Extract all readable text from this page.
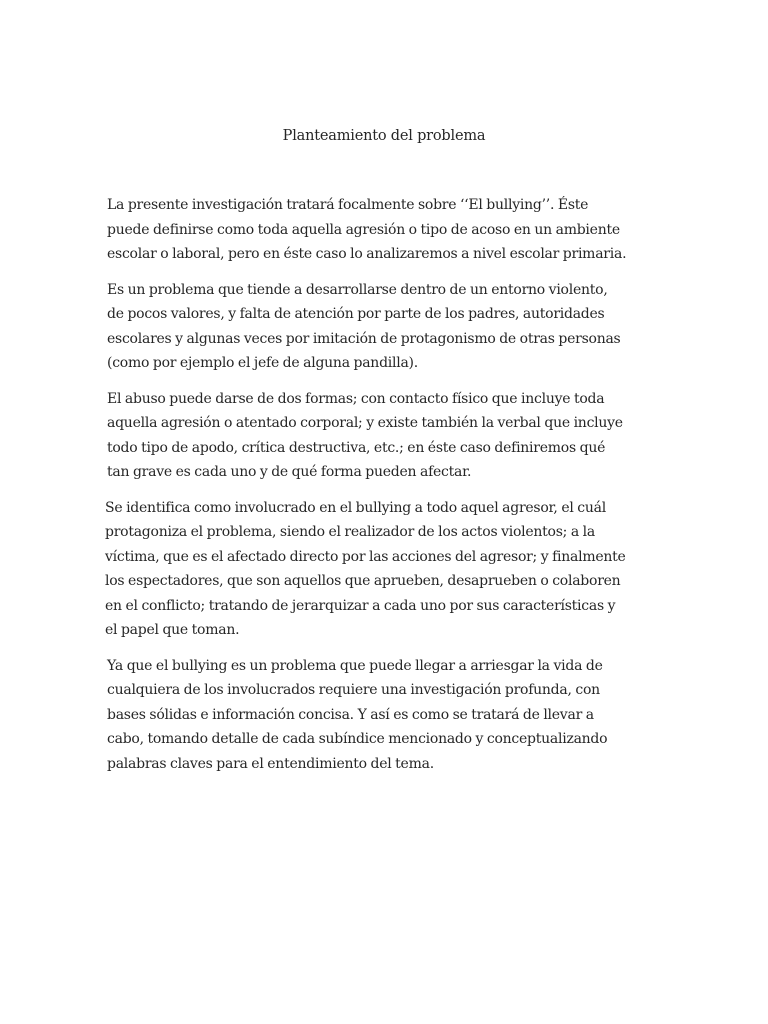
Planteamiento del problema

La presente investigación tratará focalmente sobre ‘‘El bullying’’. Éste puede definirse como toda aquella agresión o tipo de acoso en un ambiente escolar o laboral, pero en éste caso lo analizaremos a nivel escolar primaria.

Es un problema que tiende a desarrollarse dentro de un entorno violento, de pocos valores, y falta de atención por parte de los padres, autoridades escolares y algunas veces por imitación de protagonismo de otras personas (como por ejemplo el jefe de alguna pandilla).

El abuso puede darse de dos formas; con contacto físico que incluye toda aquella agresión o atentado corporal; y existe también la verbal que incluye todo tipo de apodo, crítica destructiva, etc.; en éste caso definiremos qué tan grave es cada uno y de qué forma pueden afectar.

Se identifica como involucrado en el bullying a todo aquel agresor, el cuál protagoniza el problema, siendo el realizador de los actos violentos; a la víctima, que es el afectado directo por las acciones del agresor; y finalmente los espectadores, que son aquellos que aprueben, desaprueben o colaboren en el conflicto; tratando de jerarquizar a cada uno por sus características y el papel que toman.

Ya que el bullying es un problema que puede llegar a arriesgar la vida de cualquiera de los involucrados requiere una investigación profunda, con bases sólidas e información concisa. Y así es como se tratará de llevar a cabo, tomando detalle de cada subíndice mencionado y conceptualizando palabras claves para el entendimiento del tema.
